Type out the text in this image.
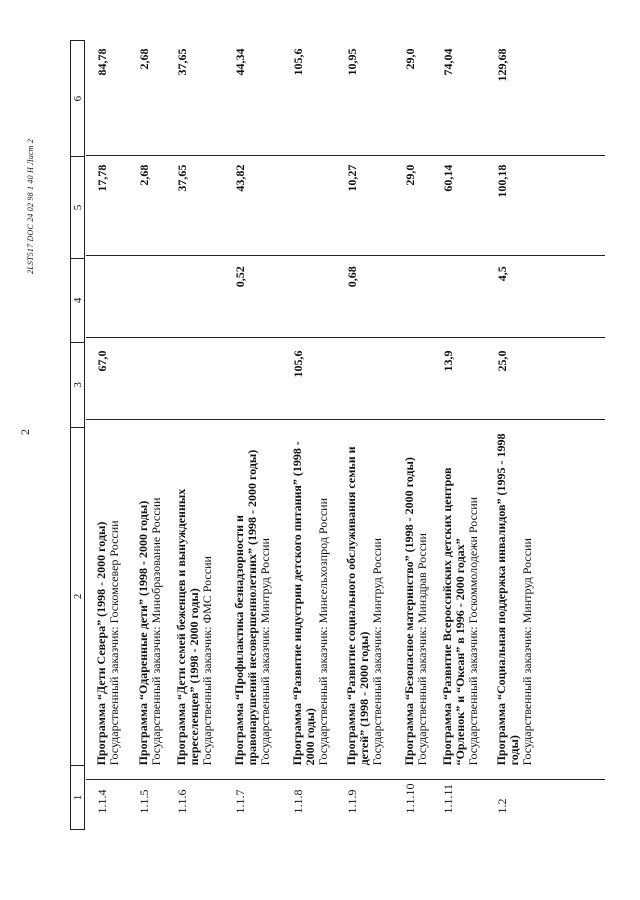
2
2LST517 DOC 24 02 98 1 40 H Лист 2
1	2	3	4	5	6
1.1.4	Программа “Дети Севера” (1998 - 2000 годы) Государственный заказчик: Госкомсевер России	67,0		17,78	84,78
1.1.5	Программа “Одаренные дети” (1998 - 2000 годы) Государственный заказчик: Минобразование России			2,68	2,68
1.1.6	Программа “Дети семей беженцев и вынужденных переселенцев” (1998 - 2000 годы) Государственный заказчик: ФМС России			37,65	37,65
1.1.7	Программа “Профилактика безнадзорности и правонарушений несовершеннолетних” (1998 - 2000 годы) Государственный заказчик: Минтруд России		0,52	43,82	44,34
1.1.8	Программа “Развитие индустрии детского питания” (1998 - 2000 годы) Государственный заказчик: Минсельхозпрод России	105,6			105,6
1.1.9	Программа “Развитие социального обслуживания семьи и детей” (1998 - 2000 годы) Государственный заказчик: Минтруд России		0,68	10,27	10,95
1.1.10	Программа “Безопасное материнство” (1998 - 2000 годы) Государственный заказчик: Минздрав России			29,0	29,0
1.1.11	Программа “Развитие Всероссийских детских центров “Орленок” и “Океан” в 1996 - 2000 годах” Государственный заказчик: Госкоммолодежи России	13,9		60,14	74,04
1.2	Программа “Социальная поддержка инвалидов” (1995 - 1998 годы) Государственный заказчик: Минтруд России	25,0	4,5	100,18	129,68
